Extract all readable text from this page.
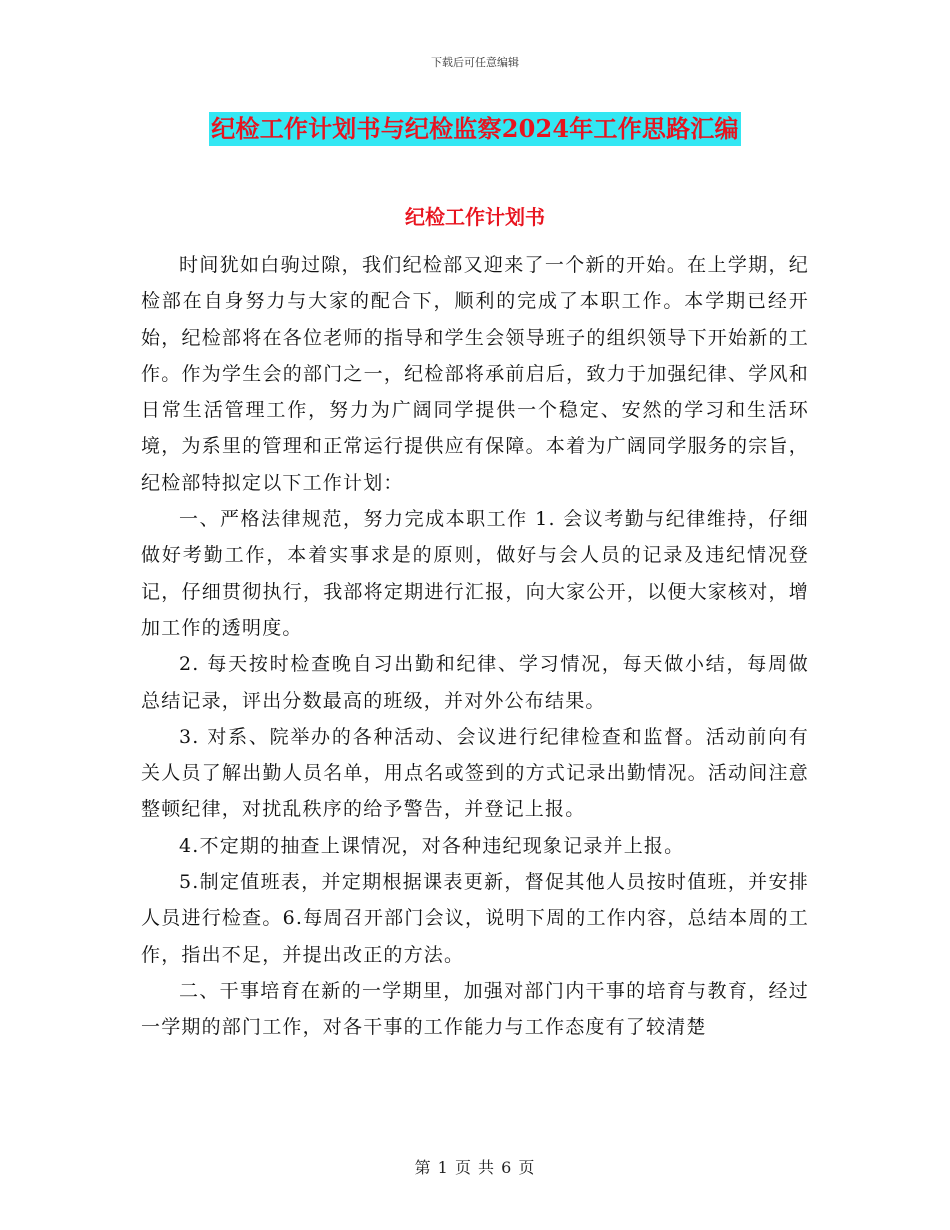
下载后可任意编辑
纪检工作计划书与纪检监察2024年工作思路汇编
纪检工作计划书

时间犹如白驹过隙，我们纪检部又迎来了一个新的开始。在上学期，纪检部在自身努力与大家的配合下，顺利的完成了本职工作。本学期已经开始，纪检部将在各位老师的指导和学生会领导班子的组织领导下开始新的工作。作为学生会的部门之一，纪检部将承前启后，致力于加强纪律、学风和日常生活管理工作，努力为广阔同学提供一个稳定、安然的学习和生活环境，为系里的管理和正常运行提供应有保障。本着为广阔同学服务的宗旨，纪检部特拟定以下工作计划：

一、严格法律规范，努力完成本职工作 1. 会议考勤与纪律维持，仔细做好考勤工作，本着实事求是的原则，做好与会人员的记录及违纪情况登记，仔细贯彻执行，我部将定期进行汇报，向大家公开，以便大家核对，增加工作的透明度。

2. 每天按时检查晚自习出勤和纪律、学习情况，每天做小结，每周做总结记录，评出分数最高的班级，并对外公布结果。

3. 对系、院举办的各种活动、会议进行纪律检查和监督。活动前向有关人员了解出勤人员名单，用点名或签到的方式记录出勤情况。活动间注意整顿纪律，对扰乱秩序的给予警告，并登记上报。

4.不定期的抽查上课情况，对各种违纪现象记录并上报。

5.制定值班表，并定期根据课表更新，督促其他人员按时值班，并安排人员进行检查。6.每周召开部门会议，说明下周的工作内容，总结本周的工作，指出不足，并提出改正的方法。

二、干事培育在新的一学期里，加强对部门内干事的培育与教育，经过一学期的部门工作，对各干事的工作能力与工作态度有了较清楚

第 1 页 共 6 页
